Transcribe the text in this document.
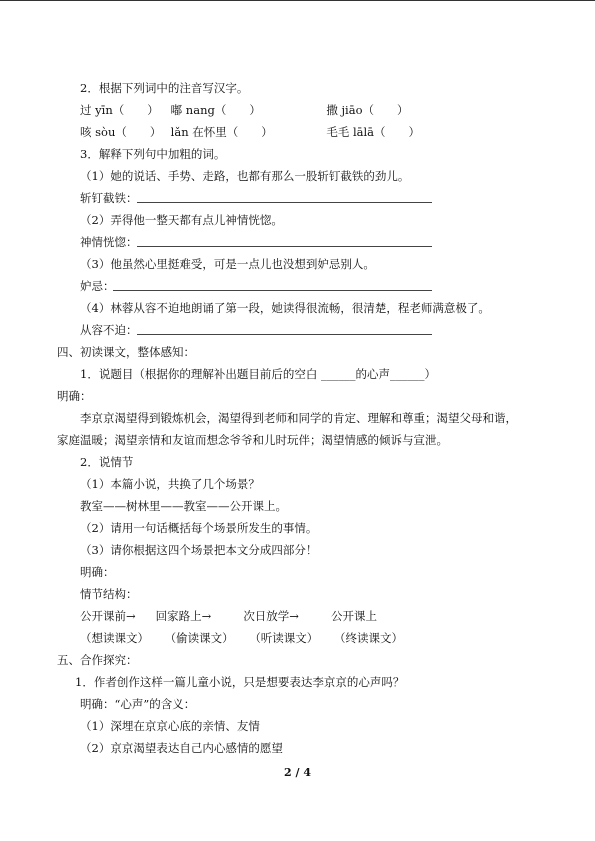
2．根据下列词中的注音写汉字。
过 yīn（　　） 嘟 nang（　　）	撒 jiāo（　　）
咳 sòu（　　） lǎn 在怀里（　　）	毛毛 lālā（　　）
3．解释下列句中加粗的词。
（1）她的说话、手势、走路，也都有那么一股斩钉截铁的劲儿。
斩钉截铁：
（2）弄得他一整天都有点儿神情恍惚。
神情恍惚：
（3）他虽然心里挺难受，可是一点儿也没想到妒忌别人。
妒忌：
（4）林蓉从容不迫地朗诵了第一段，她读得很流畅，很清楚，程老师满意极了。
从容不迫：
四、初读课文，整体感知：
1．说题目（根据你的理解补出题目前后的空白 ______的心声______）
明确：
李京京渴望得到锻炼机会，渴望得到老师和同学的肯定、理解和尊重；渴望父母和谐，
家庭温暖；渴望亲情和友谊而想念爷爷和儿时玩伴；渴望情感的倾诉与宣泄。
2．说情节
（1）本篇小说，共换了几个场景？
教室——树林里——教室——公开课上。
（2）请用一句话概括每个场景所发生的事情。
（3）请你根据这四个场景把本文分成四部分！
明确：
情节结构：
公开课前→ 回家路上→	次日放学→	公开课上
（想读课文） （偷读课文） （听读课文） （终读课文）
五、合作探究：
1．作者创作这样一篇儿童小说，只是想要表达李京京的心声吗？
明确：“心声”的含义：
（1）深埋在京京心底的亲情、友情
（2）京京渴望表达自己内心感情的愿望
2 / 4
